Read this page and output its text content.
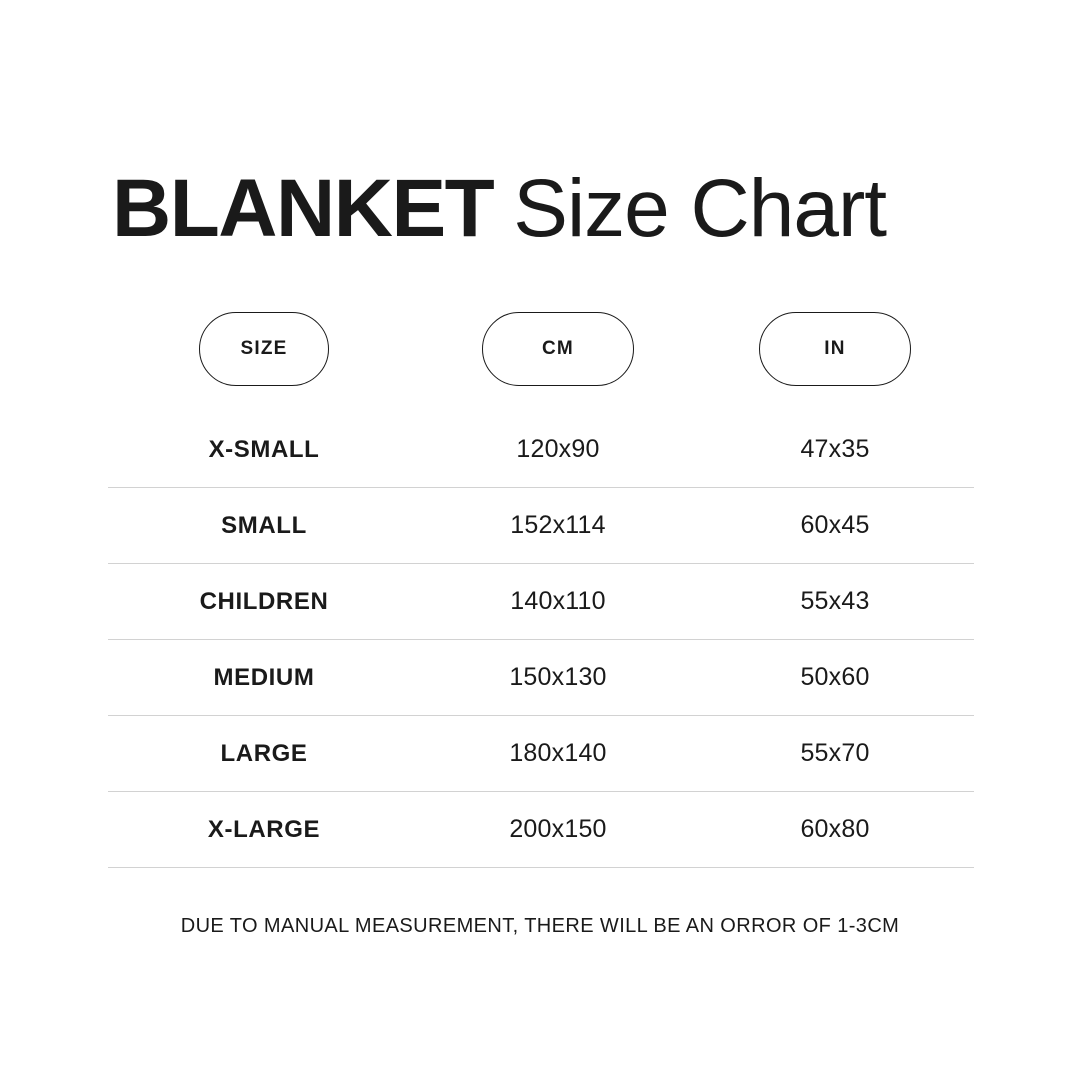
BLANKET Size Chart
SIZE	CM	IN
X-SMALL	120x90	47x35
SMALL	152x114	60x45
CHILDREN	140x110	55x43
MEDIUM	150x130	50x60
LARGE	180x140	55x70
X-LARGE	200x150	60x80
DUE TO MANUAL MEASUREMENT, THERE WILL BE AN ORROR OF 1-3CM
